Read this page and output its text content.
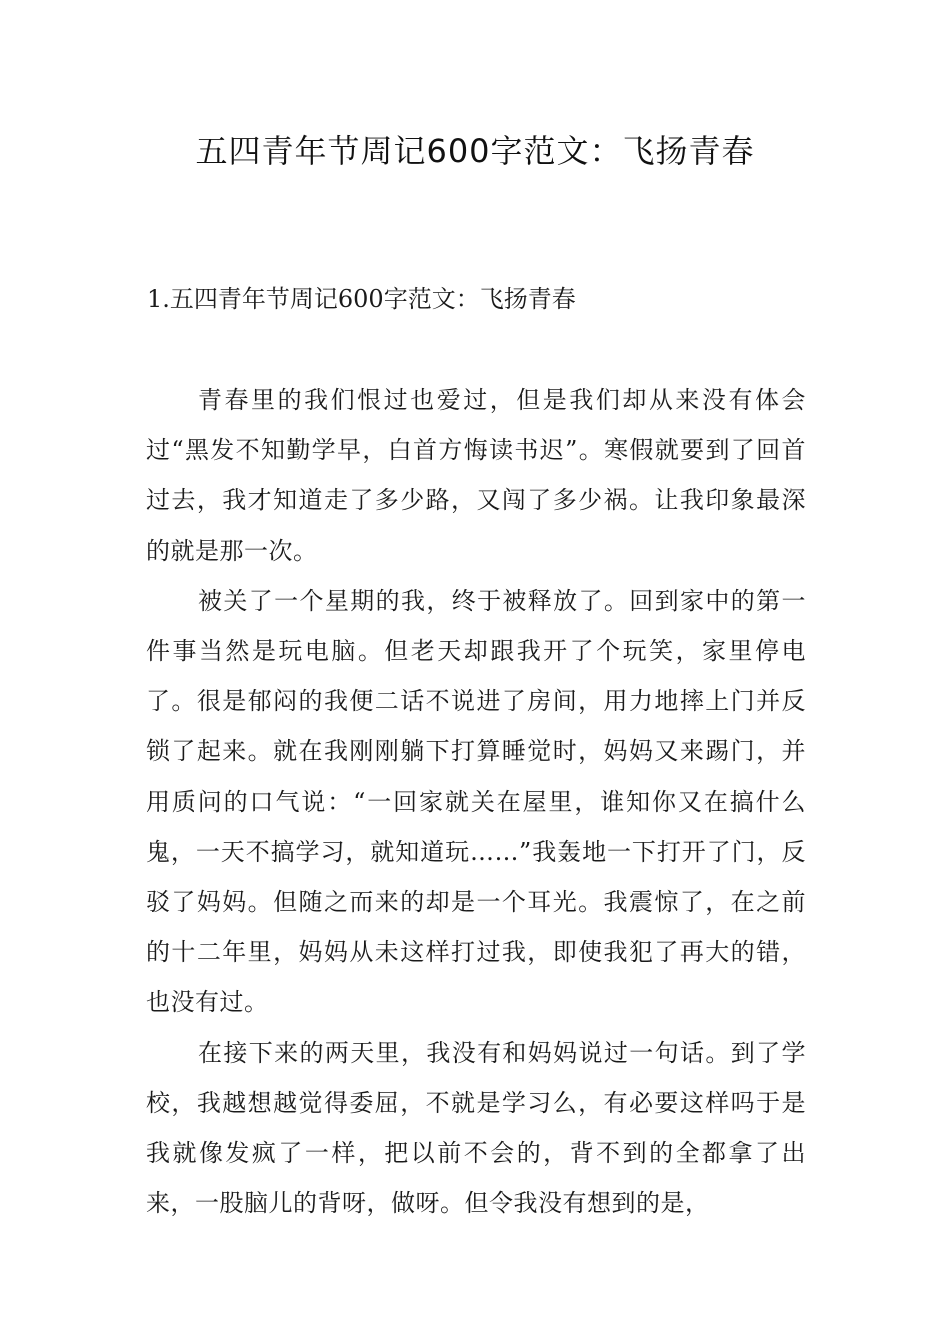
五四青年节周记600字范文：飞扬青春
1.五四青年节周记600字范文：飞扬青春

青春里的我们恨过也爱过，但是我们却从来没有体会过“黑发不知勤学早，白首方悔读书迟”。寒假就要到了回首过去，我才知道走了多少路，又闯了多少祸。让我印象最深的就是那一次。

被关了一个星期的我，终于被释放了。回到家中的第一件事当然是玩电脑。但老天却跟我开了个玩笑，家里停电了。很是郁闷的我便二话不说进了房间，用力地摔上门并反锁了起来。就在我刚刚躺下打算睡觉时，妈妈又来踢门，并用质问的口气说：“一回家就关在屋里，谁知你又在搞什么鬼，一天不搞学习，就知道玩……”我轰地一下打开了门，反驳了妈妈。但随之而来的却是一个耳光。我震惊了，在之前的十二年里，妈妈从未这样打过我，即使我犯了再大的错，也没有过。

在接下来的两天里，我没有和妈妈说过一句话。到了学校，我越想越觉得委屈，不就是学习么，有必要这样吗于是我就像发疯了一样，把以前不会的，背不到的全都拿了出来，一股脑儿的背呀，做呀。但令我没有想到的是，
